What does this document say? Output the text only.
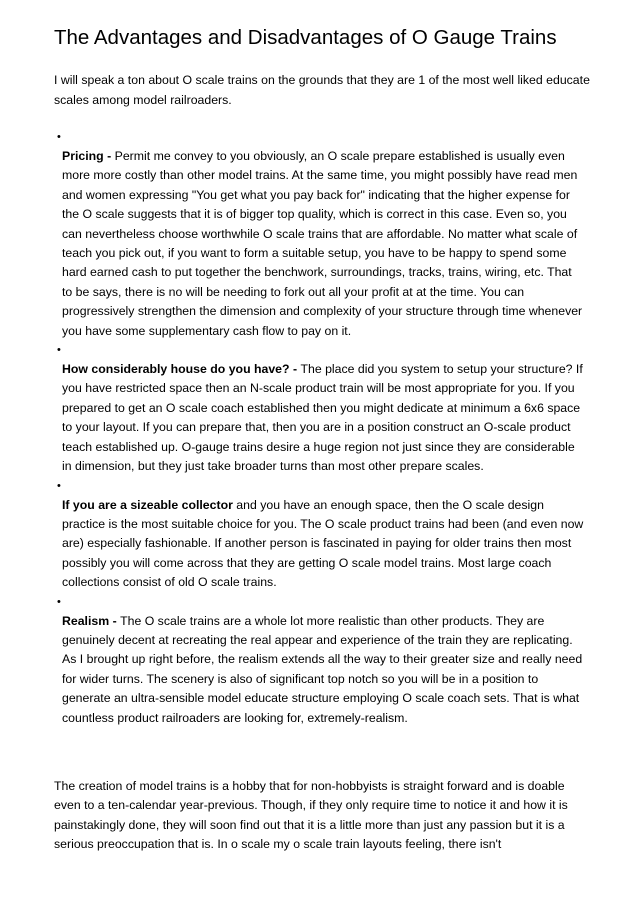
The Advantages and Disadvantages of O Gauge Trains

I will speak a ton about O scale trains on the grounds that they are 1 of the most well liked educate scales among model railroaders.

•

Pricing - Permit me convey to you obviously, an O scale prepare established is usually even more more costly than other model trains. At the same time, you might possibly have read men and women expressing "You get what you pay back for" indicating that the higher expense for the O scale suggests that it is of bigger top quality, which is correct in this case. Even so, you can nevertheless choose worthwhile O scale trains that are affordable. No matter what scale of teach you pick out, if you want to form a suitable setup, you have to be happy to spend some hard earned cash to put together the benchwork, surroundings, tracks, trains, wiring, etc. That to be says, there is no will be needing to fork out all your profit at at the time. You can progressively strengthen the dimension and complexity of your structure through time whenever you have some supplementary cash flow to pay on it.

•

How considerably house do you have? - The place did you system to setup your structure? If you have restricted space then an N-scale product train will be most appropriate for you. If you prepared to get an O scale coach established then you might dedicate at minimum a 6x6 space to your layout. If you can prepare that, then you are in a position construct an O-scale product teach established up. O-gauge trains desire a huge region not just since they are considerable in dimension, but they just take broader turns than most other prepare scales.

•

If you are a sizeable collector and you have an enough space, then the O scale design practice is the most suitable choice for you. The O scale product trains had been (and even now are) especially fashionable. If another person is fascinated in paying for older trains then most possibly you will come across that they are getting O scale model trains. Most large coach collections consist of old O scale trains.

•

Realism - The O scale trains are a whole lot more realistic than other products. They are genuinely decent at recreating the real appear and experience of the train they are replicating. As I brought up right before, the realism extends all the way to their greater size and really need for wider turns. The scenery is also of significant top notch so you will be in a position to generate an ultra-sensible model educate structure employing O scale coach sets. That is what countless product railroaders are looking for, extremely-realism.

The creation of model trains is a hobby that for non-hobbyists is straight forward and is doable even to a ten-calendar year-previous. Though, if they only require time to notice it and how it is painstakingly done, they will soon find out that it is a little more than just any passion but it is a serious preoccupation that is. In o scale my o scale train layouts feeling, there isn't
